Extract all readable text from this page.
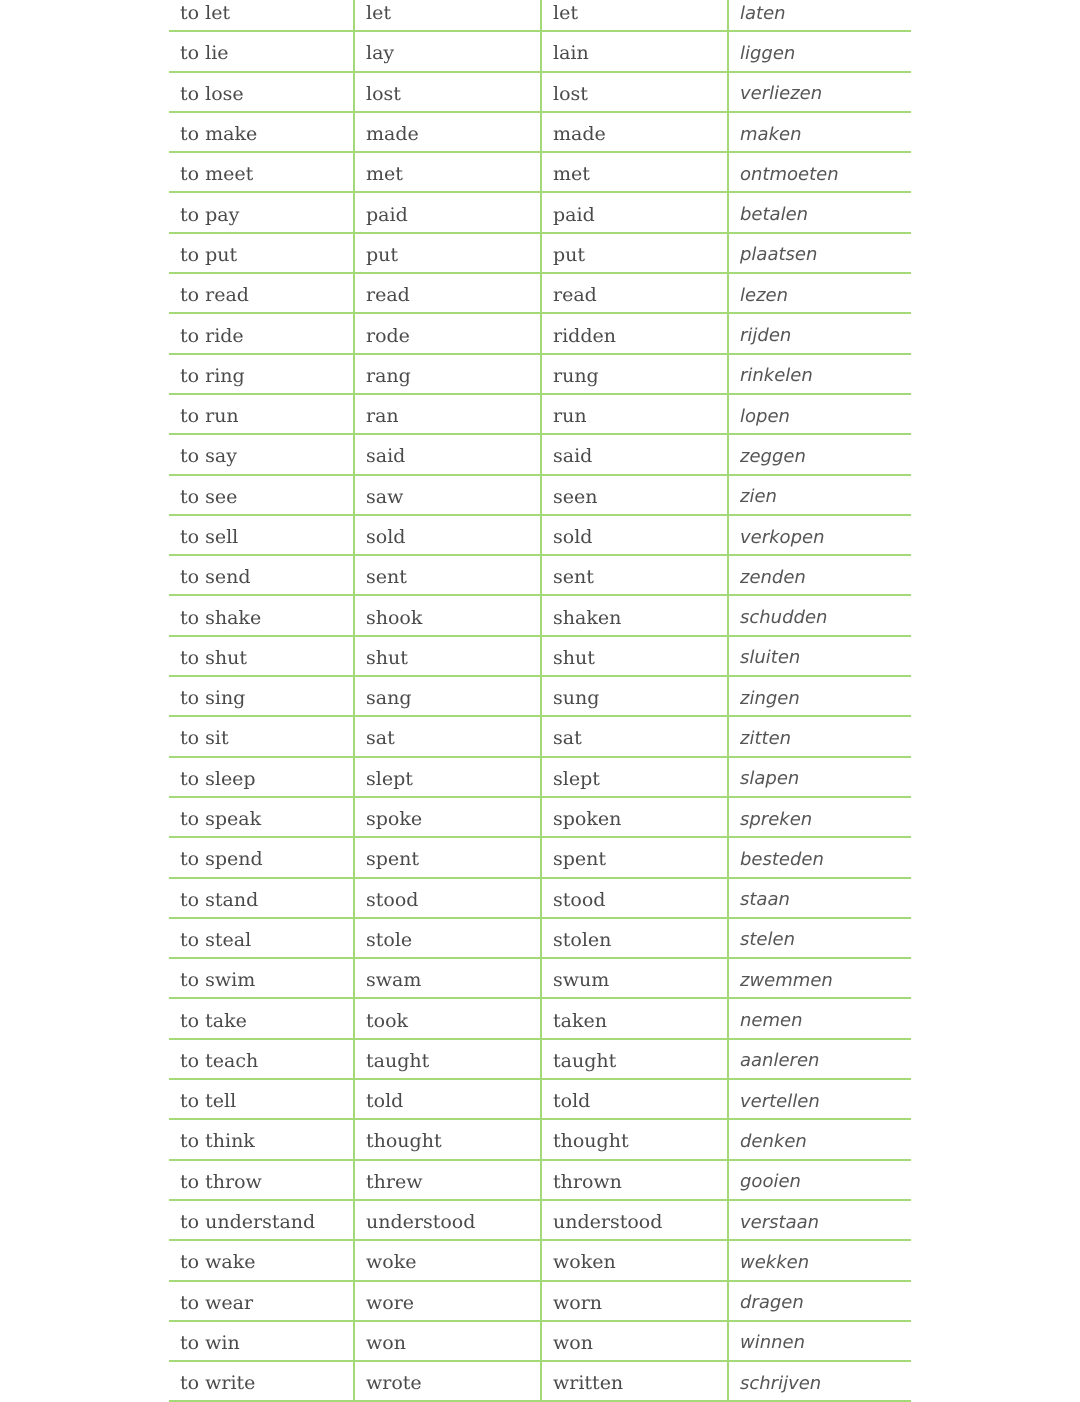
to let	let	let	laten
to lie	lay	lain	liggen
to lose	lost	lost	verliezen
to make	made	made	maken
to meet	met	met	ontmoeten
to pay	paid	paid	betalen
to put	put	put	plaatsen
to read	read	read	lezen
to ride	rode	ridden	rijden
to ring	rang	rung	rinkelen
to run	ran	run	lopen
to say	said	said	zeggen
to see	saw	seen	zien
to sell	sold	sold	verkopen
to send	sent	sent	zenden
to shake	shook	shaken	schudden
to shut	shut	shut	sluiten
to sing	sang	sung	zingen
to sit	sat	sat	zitten
to sleep	slept	slept	slapen
to speak	spoke	spoken	spreken
to spend	spent	spent	besteden
to stand	stood	stood	staan
to steal	stole	stolen	stelen
to swim	swam	swum	zwemmen
to take	took	taken	nemen
to teach	taught	taught	aanleren
to tell	told	told	vertellen
to think	thought	thought	denken
to throw	threw	thrown	gooien
to understand	understood	understood	verstaan
to wake	woke	woken	wekken
to wear	wore	worn	dragen
to win	won	won	winnen
to write	wrote	written	schrijven
